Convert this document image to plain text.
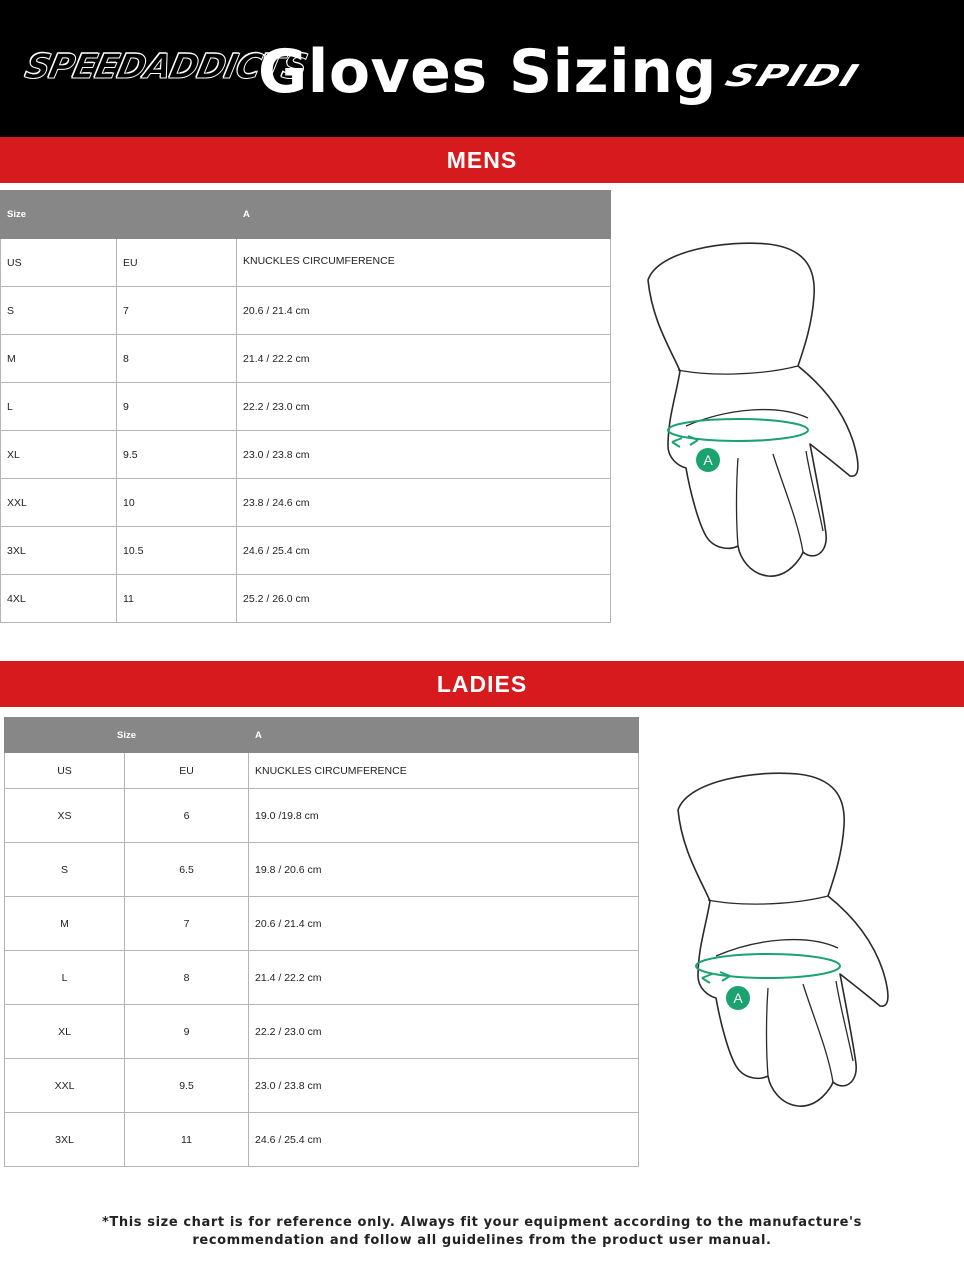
SPEEDADDICTS
Gloves Sizing SPIDI
MENS
Size		A
US	EU	KNUCKLES CIRCUMFERENCE
S	7	20.6 / 21.4 cm
M	8	21.4 / 22.2 cm
L	9	22.2 / 23.0 cm
XL	9.5	23.0 / 23.8 cm
XXL	10	23.8 / 24.6 cm
3XL	10.5	24.6 / 25.4 cm
4XL	11	25.2 / 26.0 cm
A
LADIES
Size		A
US	EU	KNUCKLES CIRCUMFERENCE
XS	6	19.0 /19.8 cm
S	6.5	19.8 / 20.6 cm
M	7	20.6 / 21.4 cm
L	8	21.4 / 22.2 cm
XL	9	22.2 / 23.0 cm
XXL	9.5	23.0 / 23.8 cm
3XL	11	24.6 / 25.4 cm
A
*This size chart is for reference only. Always fit your equipment according to the manufacture's
recommendation and follow all guidelines from the product user manual.
